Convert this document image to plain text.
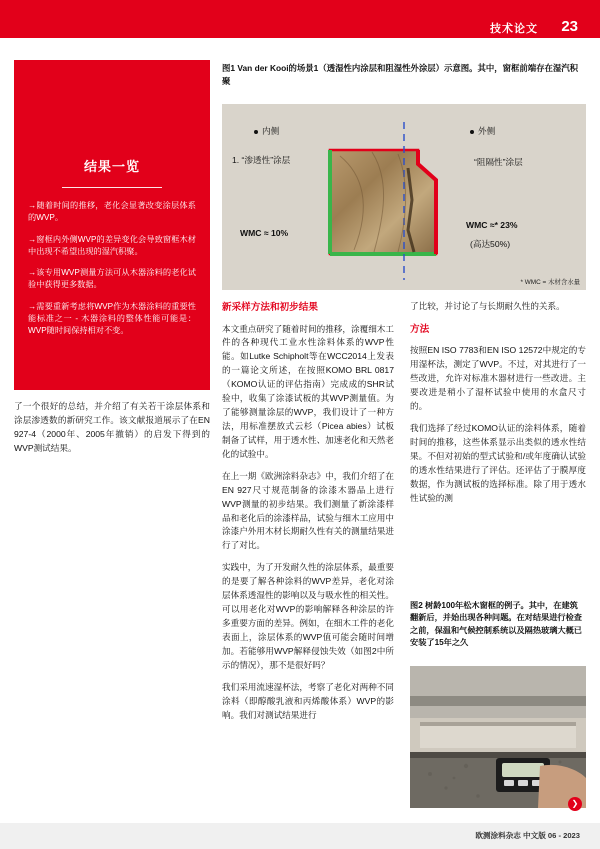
技术论文 23
结果一览
→随着时间的推移，老化会显著改变涂层体系的WVP。
→窗框内外侧WVP的差异变化会导致窗框木材中出现不希望出现的湿汽积聚。
→该专用WVP测量方法可从木器涂料的老化试验中获得更多数据。
→需要重新考虑将WVP作为木器涂料的重要性能标准之一 - 木器涂料的整体性能可能是：WVP随时间保持相对不变。

了一个很好的总结，并介绍了有关若干涂层体系和涂层渗透数的新研究工作。该文献报道展示了在EN 927-4（2000年、2005年撤销）的启发下得到的WVP测试结果。

图1 Van der Kooi的场景1（透湿性内涂层和阻湿性外涂层）示意图。其中，窗框前端存在湿汽积聚
内侧	外侧
1. “渗透性”涂层	“阻隔性”涂层
WMC ≈ 10%
WMC ≈* 23%
(高达50%)
* WMC = 木材含水量
新采样方法和初步结果

本文重点研究了随着时间的推移，涂覆细木工件的各种现代工业水性涂料体系的WVP性能。如Lutke Schipholt等在WCC2014上发表的一篇论文所述，在按照KOMO BRL 0817（KOMO认证的评估指南）完成成的SHR试验中，收集了涂漆试板的其WVP测量值。为了能够测量涂层的WVP，我们设计了一种方法，用标准摆放式云杉（Picea abies）试板制备了试样，用于透水性、加速老化和天然老化的试验中。

在上一期《欧洲涂料杂志》中，我们介绍了在EN 927尺寸规范制备的涂漆木器品上进行WVP测量的初步结果。我们测量了新涂漆样品和老化后的涂漆样品，试验与细木工应用中涂漆户外用木材长期耐久性有关的测量结果进行了对比。

实践中，为了开发耐久性的涂层体系，最重要的是要了解各种涂料的WVP差异，老化对涂层体系透湿性的影响以及与吸水性的相关性。可以用老化对WVP的影响解释各种涂层的许多重要方面的差异。例如，在细木工件的老化表面上，涂层体系的WVP值可能会随时间增加。若能够用WVP解释侵蚀失效（如图2中所示的情况），那不是很好吗？

我们采用流速湿杯法，考察了老化对两种不同涂料（即醇酸乳液和丙烯酸体系）WVP的影响。我们对测试结果进行

了比较，并讨论了与长期耐久性的关系。

方法

按照EN ISO 7783和EN ISO 12572中规定的专用湿杯法，测定了WVP。不过，对其进行了一些改进，允许对标准木器材进行一些改进。主要改进是稍小了湿杯试验中使用的水盒尺寸的。

我们选择了经过KOMO认证的涂料体系，随着时间的推移，这些体系显示出类似的透水性结果。不但对初始的型式试验和/或年度确认试验的透水性结果进行了评估。还评估了于膜厚度数据，作为测试板的选择标准。除了用于透水性试验的测

图2 树龄100年松木窗框的例子。其中，在建筑翻新后，并始出现各种问题。在对结果进行检查之前，保温和气候控制系统以及隔热玻璃大概已安装了15年之久
❯
欧测涂料杂志 中文版 06 - 2023
